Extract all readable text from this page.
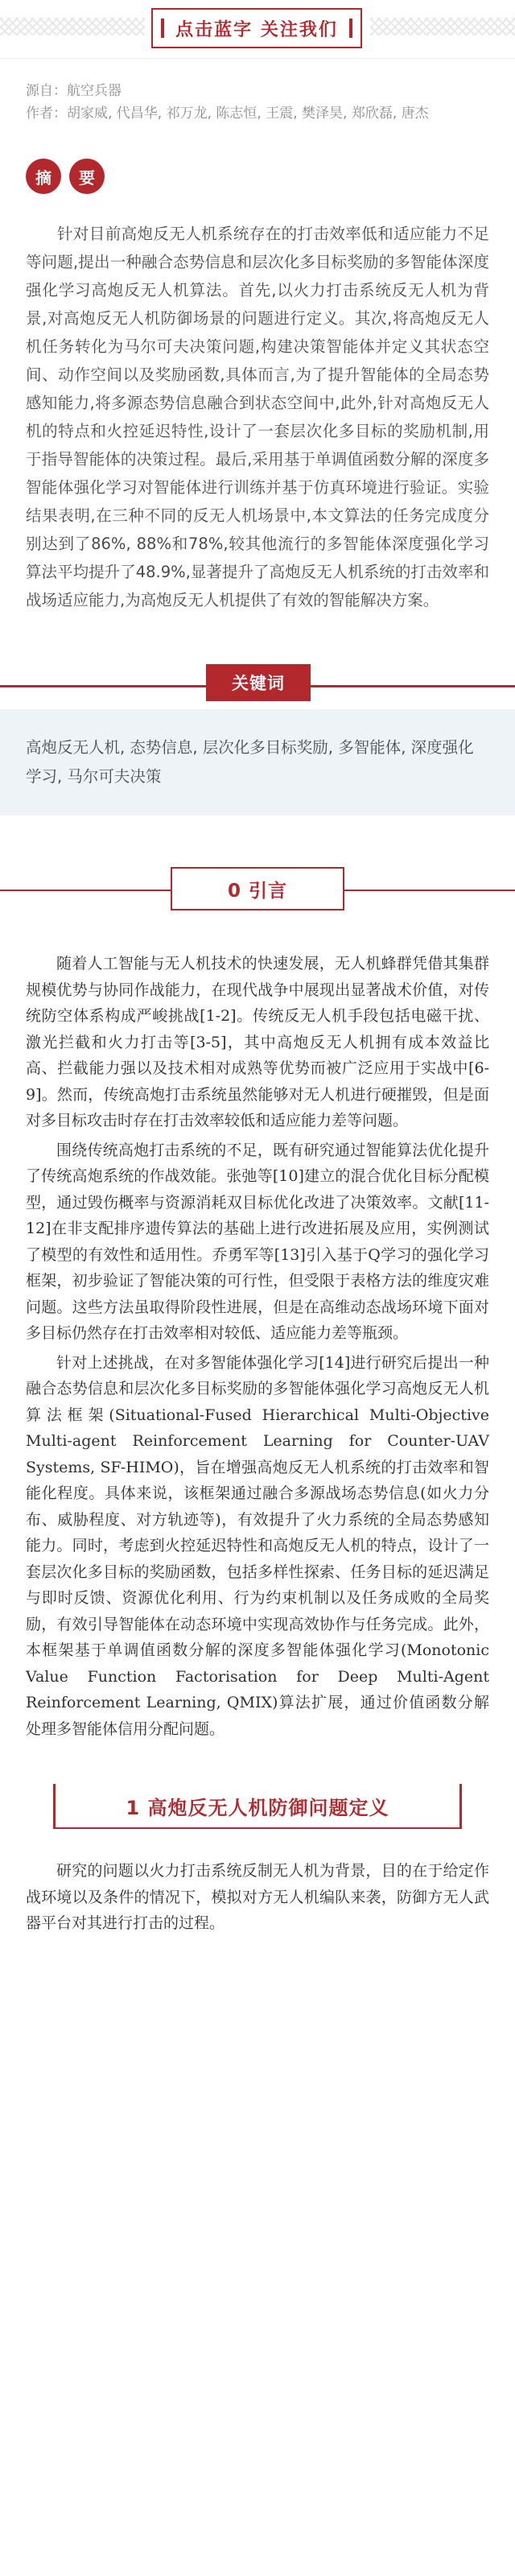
点击蓝字 关注我们
源自： 航空兵器
作者： 胡家威, 代昌华, 祁万龙, 陈志恒, 王震, 樊泽昊, 郑欣磊, 唐杰
摘	要
针对目前高炮反无人机系统存在的打击效率低和适应能力不足等问题,提出一种融合态势信息和层次化多目标奖励的多智能体深度强化学习高炮反无人机算法。首先,以火力打击系统反无人机为背景,对高炮反无人机防御场景的问题进行定义。其次,将高炮反无人机任务转化为马尔可夫决策问题,构建决策智能体并定义其状态空间、动作空间以及奖励函数,具体而言,为了提升智能体的全局态势感知能力,将多源态势信息融合到状态空间中,此外,针对高炮反无人机的特点和火控延迟特性,设计了一套层次化多目标的奖励机制,用于指导智能体的决策过程。最后,采用基于单调值函数分解的深度多智能体强化学习对智能体进行训练并基于仿真环境进行验证。实验结果表明,在三种不同的反无人机场景中,本文算法的任务完成度分别达到了86%, 88%和78%,较其他流行的多智能体深度强化学习算法平均提升了48.9%,显著提升了高炮反无人机系统的打击效率和战场适应能力,为高炮反无人机提供了有效的智能解决方案。
关键词
高炮反无人机, 态势信息, 层次化多目标奖励, 多智能体, 深度强化学习, 马尔可夫决策
0 引言

随着人工智能与无人机技术的快速发展，无人机蜂群凭借其集群规模优势与协同作战能力，在现代战争中展现出显著战术价值，对传统防空体系构成严峻挑战[1-2]。传统反无人机手段包括电磁干扰、激光拦截和火力打击等[3-5]，其中高炮反无人机拥有成本效益比高、拦截能力强以及技术相对成熟等优势而被广泛应用于实战中[6-9]。然而，传统高炮打击系统虽然能够对无人机进行硬摧毁，但是面对多目标攻击时存在打击效率较低和适应能力差等问题。

围绕传统高炮打击系统的不足，既有研究通过智能算法优化提升了传统高炮系统的作战效能。张弛等[10]建立的混合优化目标分配模型，通过毁伤概率与资源消耗双目标优化改进了决策效率。文献[11-12]在非支配排序遗传算法的基础上进行改进拓展及应用，实例测试了模型的有效性和适用性。乔勇军等[13]引入基于Q学习的强化学习框架，初步验证了智能决策的可行性，但受限于表格方法的维度灾难问题。这些方法虽取得阶段性进展，但是在高维动态战场环境下面对多目标仍然存在打击效率相对较低、适应能力差等瓶颈。

针对上述挑战，在对多智能体强化学习[14]进行研究后提出一种融合态势信息和层次化多目标奖励的多智能体强化学习高炮反无人机算法框架(Situational-Fused Hierarchical Multi-Objective Multi-agent Reinforcement Learning for Counter-UAV Systems, SF-HIMO)，旨在增强高炮反无人机系统的打击效率和智能化程度。具体来说，该框架通过融合多源战场态势信息(如火力分布、威胁程度、对方轨迹等)，有效提升了火力系统的全局态势感知能力。同时，考虑到火控延迟特性和高炮反无人机的特点，设计了一套层次化多目标的奖励函数，包括多样性探索、任务目标的延迟满足与即时反馈、资源优化利用、行为约束机制以及任务成败的全局奖励，有效引导智能体在动态环境中实现高效协作与任务完成。此外，本框架基于单调值函数分解的深度多智能体强化学习(Monotonic Value Function Factorisation for Deep Multi-Agent Reinforcement Learning, QMIX)算法扩展，通过价值函数分解处理多智能体信用分配问题。

1 高炮反无人机防御问题定义

研究的问题以火力打击系统反制无人机为背景，目的在于给定作战环境以及条件的情况下，模拟对方无人机编队来袭，防御方无人武器平台对其进行打击的过程。
